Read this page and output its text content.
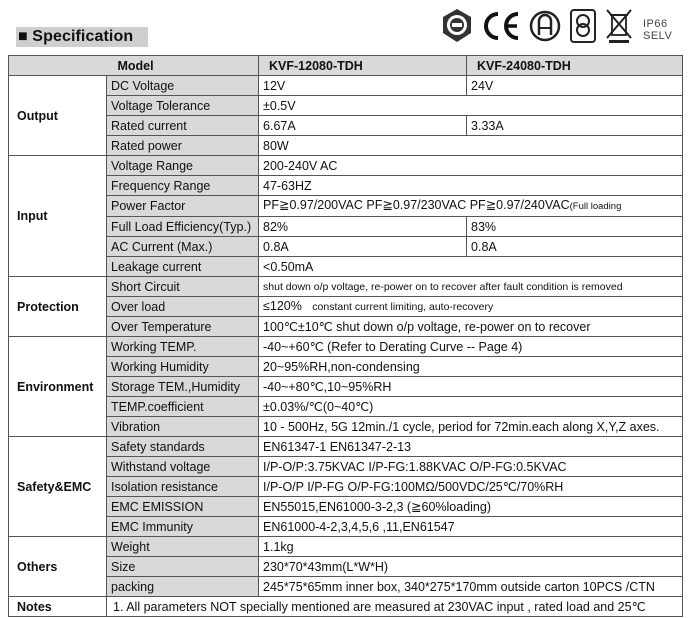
■ Specification
IP66
SELV
Model		KVF-12080-TDH	KVF-24080-TDH
Output	DC Voltage	12V	24V
	Voltage Tolerance	±0.5V	
	Rated current	6.67A	3.33A
	Rated power	80W	
Input	Voltage Range	200-240V AC	
	Frequency Range	47-63HZ	
	Power Factor	PF≧0.97/200VAC PF≧0.97/230VAC PF≧0.97/240VAC(Full loading	
	Full Load Efficiency(Typ.)	82%	83%
	AC Current (Max.)	0.8A	0.8A
	Leakage current	<0.50mA	
Protection	Short Circuit	shut down o/p voltage, re-power on to recover after fault condition is removed	
	Over load	≤120% constant current limiting, auto-recovery	
	Over Temperature	100℃±10℃ shut down o/p voltage, re-power on to recover	
Environment	Working TEMP.	-40~+60℃ (Refer to Derating Curve -- Page 4)	
	Working Humidity	20~95%RH,non-condensing	
	Storage TEM.,Humidity	-40~+80℃,10~95%RH	
	TEMP.coefficient	±0.03%/℃(0~40℃)	
	Vibration	10 - 500Hz, 5G 12min./1 cycle, period for 72min.each along X,Y,Z axes.	
Safety&EMC	Safety standards	EN61347-1 EN61347-2-13	
	Withstand voltage	I/P-O/P:3.75KVAC I/P-FG:1.88KVAC O/P-FG:0.5KVAC	
	Isolation resistance	I/P-O/P I/P-FG O/P-FG:100MΩ/500VDC/25℃/70%RH	
	EMC EMISSION	EN55015,EN61000-3-2,3 (≧60%loading)	
	EMC Immunity	EN61000-4-2,3,4,5,6 ,11,EN61547	
Others	Weight	1.1kg	
	Size	230*70*43mm(L*W*H)	
	packing	245*75*65mm inner box, 340*275*170mm outside carton 10PCS /CTN	
Notes	1. All parameters NOT specially mentioned are measured at 230VAC input , rated load and 25℃		
